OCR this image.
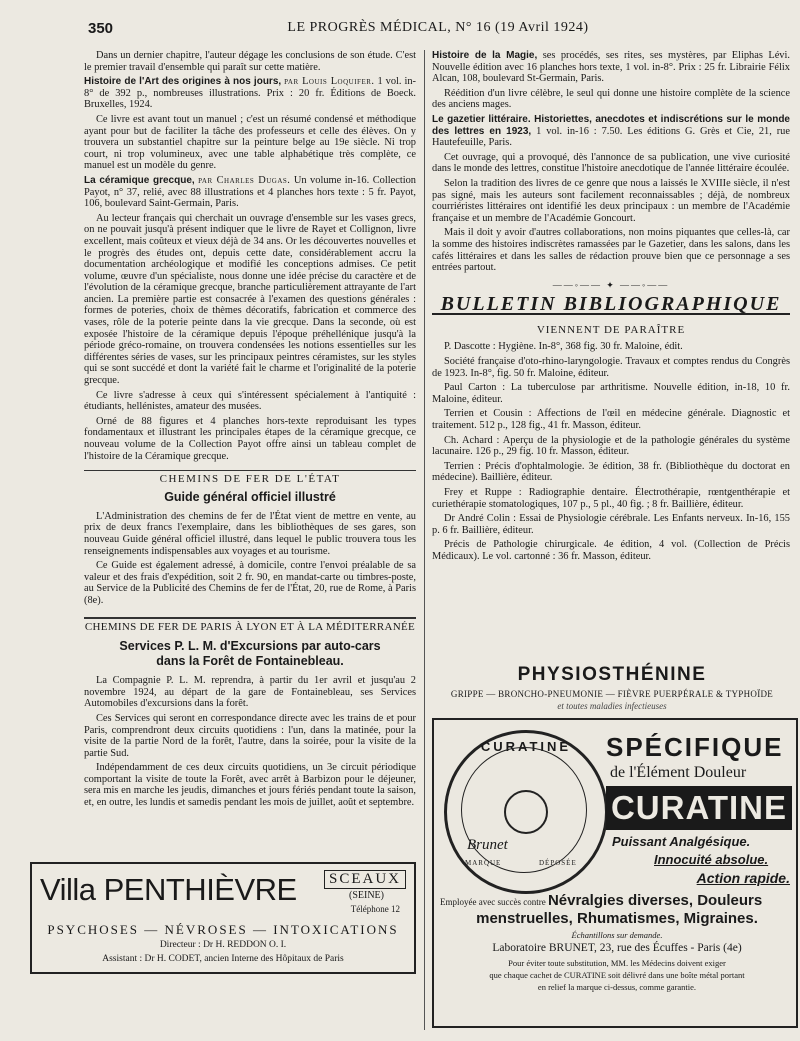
350	LE PROGRÈS MÉDICAL, N° 16 (19 Avril 1924)

Dans un dernier chapitre, l'auteur dégage les conclusions de son étude. C'est le premier travail d'ensemble qui paraît sur cette matière.

Histoire de l'Art des origines à nos jours, par Louis Loquifer. 1 vol. in-8° de 392 p., nombreuses illustrations. Prix : 20 fr. Éditions de Boeck. Bruxelles, 1924.

Ce livre est avant tout un manuel ; c'est un résumé condensé et méthodique ayant pour but de faciliter la tâche des professeurs et celle des élèves. On y trouvera un substantiel chapitre sur la peinture belge au 19e siècle. Ni trop court, ni trop volumineux, avec une table alphabétique très complète, ce manuel est un modèle du genre.

La céramique grecque, par Charles Dugas. Un volume in-16. Collection Payot, n° 37, relié, avec 88 illustrations et 4 planches hors texte : 5 fr. Payot, 106, boulevard Saint-Germain, Paris.

Au lecteur français qui cherchait un ouvrage d'ensemble sur les vases grecs, on ne pouvait jusqu'à présent indiquer que le livre de Rayet et Collignon, livre excellent, mais coûteux et vieux déjà de 34 ans. Or les découvertes nouvelles et le progrès des études ont, depuis cette date, considérablement accru la documentation archéologique et modifié les conceptions admises. Ce petit volume, œuvre d'un spécialiste, nous donne une idée précise du caractère et de l'évolution de la céramique grecque, branche particulièrement attrayante de l'art ancien. La première partie est consacrée à l'examen des questions générales : formes de poteries, choix de thèmes décoratifs, fabrication et commerce des vases, rôle de la poterie peinte dans la vie grecque. Dans la seconde, où est exposée l'histoire de la céramique depuis l'époque préhellénique jusqu'à la période gréco-romaine, on trouvera condensées les notions essentielles sur les différentes séries de vases, sur les principaux peintres céramistes, sur les styles qui se sont succédé et dont la variété fait le charme et l'originalité de la poterie grecque.

Ce livre s'adresse à ceux qui s'intéressent spécialement à l'antiquité : étudiants, hellénistes, amateur des musées.

Orné de 88 figures et 4 planches hors-texte reproduisant les types fondamentaux et illustrant les principales étapes de la céramique grecque, ce nouveau volume de la Collection Payot offre ainsi un tableau complet de l'histoire de la Céramique grecque.

CHEMINS DE FER DE L'ÉTAT
Guide général officiel illustré

L'Administration des chemins de fer de l'État vient de mettre en vente, au prix de deux francs l'exemplaire, dans les bibliothèques de ses gares, son nouveau Guide général officiel illustré, dans lequel le public trouvera tous les renseignements indispensables aux voyages et au tourisme.

Ce Guide est également adressé, à domicile, contre l'envoi préalable de sa valeur et des frais d'expédition, soit 2 fr. 90, en mandat-carte ou timbres-poste, au Service de la Publicité des Chemins de fer de l'État, 20, rue de Rome, à Paris (8e).

CHEMINS DE FER DE PARIS À LYON ET À LA MÉDITERRANÉE
Services P. L. M. d'Excursions par auto-cars
dans la Forêt de Fontainebleau.

La Compagnie P. L. M. reprendra, à partir du 1er avril et jusqu'au 2 novembre 1924, au départ de la gare de Fontainebleau, ses Services Automobiles d'excursions dans la forêt.

Ces Services qui seront en correspondance directe avec les trains de et pour Paris, comprendront deux circuits quotidiens : l'un, dans la matinée, pour la visite de la partie Nord de la forêt, l'autre, dans la soirée, pour la visite de la partie Sud.

Indépendamment de ces deux circuits quotidiens, un 3e circuit périodique comportant la visite de toute la Forêt, avec arrêt à Barbizon pour le déjeuner, sera mis en marche les jeudis, dimanches et jours fériés pendant toute la saison, et, en outre, les lundis et samedis pendant les mois de juillet, août et septembre.

Histoire de la Magie, ses procédés, ses rites, ses mystères, par Eliphas Lévi. Nouvelle édition avec 16 planches hors texte, 1 vol. in-8°. Prix : 25 fr. Librairie Félix Alcan, 108, boulevard St-Germain, Paris.

Réédition d'un livre célèbre, le seul qui donne une histoire complète de la science des anciens mages.

Le gazetier littéraire. Historiettes, anecdotes et indiscrétions sur le monde des lettres en 1923, 1 vol. in-16 : 7.50. Les éditions G. Grès et Cie, 21, rue Hautefeuille, Paris.

Cet ouvrage, qui a provoqué, dès l'annonce de sa publication, une vive curiosité dans le monde des lettres, constitue l'histoire anecdotique de l'année littéraire écoulée.

Selon la tradition des livres de ce genre que nous a laissés le XVIIIe siècle, il n'est pas signé, mais les auteurs sont facilement reconnaissables ; déjà, de nombreux courriéristes littéraires ont identifié les deux principaux : un membre de l'Académie française et un membre de l'Académie Goncourt.

Mais il doit y avoir d'autres collaborations, non moins piquantes que celles-là, car la somme des histoires indiscrètes ramassées par le Gazetier, dans les salons, dans les cafés littéraires et dans les salles de rédaction prouve bien que ce personnage a ses entrées partout.

——◦—— ✦ ——◦——
BULLETIN BIBLIOGRAPHIQUE
VIENNENT DE PARAÎTRE

P. Dascotte : Hygiène. In-8°, 368 fig. 30 fr. Maloine, édit.

Société française d'oto-rhino-laryngologie. Travaux et comptes rendus du Congrès de 1923. In-8°, fig. 50 fr. Maloine, éditeur.

Paul Carton : La tuberculose par arthritisme. Nouvelle édition, in-18, 10 fr. Maloine, éditeur.

Terrien et Cousin : Affections de l'œil en médecine générale. Diagnostic et traitement. 512 p., 128 fig., 41 fr. Masson, éditeur.

Ch. Achard : Aperçu de la physiologie et de la pathologie générales du système lacunaire. 126 p., 29 fig. 10 fr. Masson, éditeur.

Terrien : Précis d'ophtalmologie. 3e édition, 38 fr. (Bibliothèque du doctorat en médecine). Baillière, éditeur.

Frey et Ruppe : Radiographie dentaire. Électrothérapie, rœntgenthérapie et curiethérapie stomatologiques, 107 p., 5 pl., 40 fig. ; 8 fr. Baillière, éditeur.

Dr André Colin : Essai de Physiologie cérébrale. Les Enfants nerveux. In-16, 155 p. 6 fr. Baillière, éditeur.

Précis de Pathologie chirurgicale. 4e édition, 4 vol. (Collection de Précis Médicaux). Le vol. cartonné : 36 fr. Masson, éditeur.

PHYSIOSTHÉNINE
GRIPPE — BRONCHO-PNEUMONIE — FIÈVRE PUERPÉRALE & TYPHOÏDE
et toutes maladies infectieuses
Villa PENTHIÈVRE	SCEAUX
(SEINE)
Téléphone 12
PSYCHOSES — NÉVROSES — INTOXICATIONS
Directeur : Dr H. REDDON O. I.
Assistant : Dr H. CODET, ancien Interne des Hôpitaux de Paris
CURATINE
Brunet
MARQUE	DÉPOSÉE
SPÉCIFIQUE
de l'Élément Douleur
CURATINE
Puissant Analgésique.
Innocuité absolue.
Action rapide.
Employée avec succès contre Névralgies diverses, Douleurs
menstruelles, Rhumatismes, Migraines.
Échantillons sur demande.
Laboratoire BRUNET, 23, rue des Écuffes - Paris (4e)
Pour éviter toute substitution, MM. les Médecins doivent exiger
que chaque cachet de CURATINE soit délivré dans une boîte métal portant
en relief la marque ci-dessus, comme garantie.
